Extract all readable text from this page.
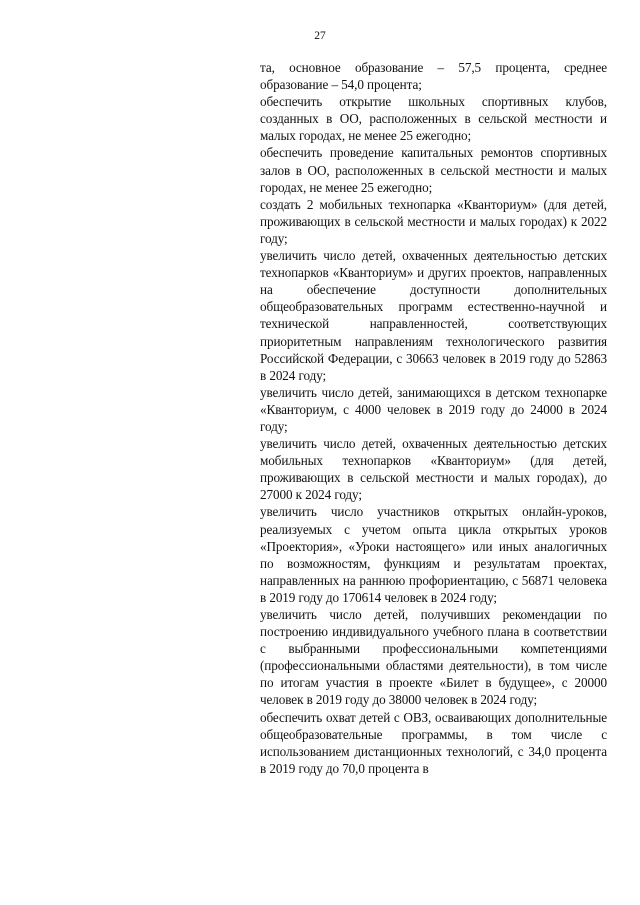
27

та, основное образование – 57,5 процента, среднее образование – 54,0 процента;

обеспечить открытие школьных спортивных клубов, созданных в ОО, расположенных в сельской местности и малых городах, не менее 25 ежегодно;

обеспечить проведение капитальных ремонтов спортивных залов в ОО, расположенных в сельской местности и малых городах, не менее 25 ежегодно;

создать 2 мобильных технопарка «Кванториум» (для детей, проживающих в сельской местности и малых городах) к 2022 году;

увеличить число детей, охваченных деятельностью детских технопарков «Кванториум» и других проектов, направленных на обеспечение доступности дополнительных общеобразовательных программ естественно-научной и технической направленностей, соответствующих приоритетным направлениям технологического развития Российской Федерации, с 30663 человек в 2019 году до 52863 в 2024 году;

увеличить число детей, занимающихся в детском технопарке «Кванториум, с 4000 человек в 2019 году до 24000 в 2024 году;

увеличить число детей, охваченных деятельностью детских мобильных технопарков «Кванториум» (для детей, проживающих в сельской местности и малых городах), до 27000 к 2024 году;

увеличить число участников открытых онлайн-уроков, реализуемых с учетом опыта цикла открытых уроков «Проектория», «Уроки настоящего» или иных аналогичных по возможностям, функциям и результатам проектах, направленных на раннюю профориентацию, с 56871 человека в 2019 году до 170614 человек в 2024 году;

увеличить число детей, получивших рекомендации по построению индивидуального учебного плана в соответствии с выбранными профессиональными компетенциями (профессиональными областями деятельности), в том числе по итогам участия в проекте «Билет в будущее», с 20000 человек в 2019 году до 38000 человек в 2024 году;

обеспечить охват детей с ОВЗ, осваивающих дополнительные общеобразовательные программы, в том числе с использованием дистанционных технологий, с 34,0 процента в 2019 году до 70,0 процента в
